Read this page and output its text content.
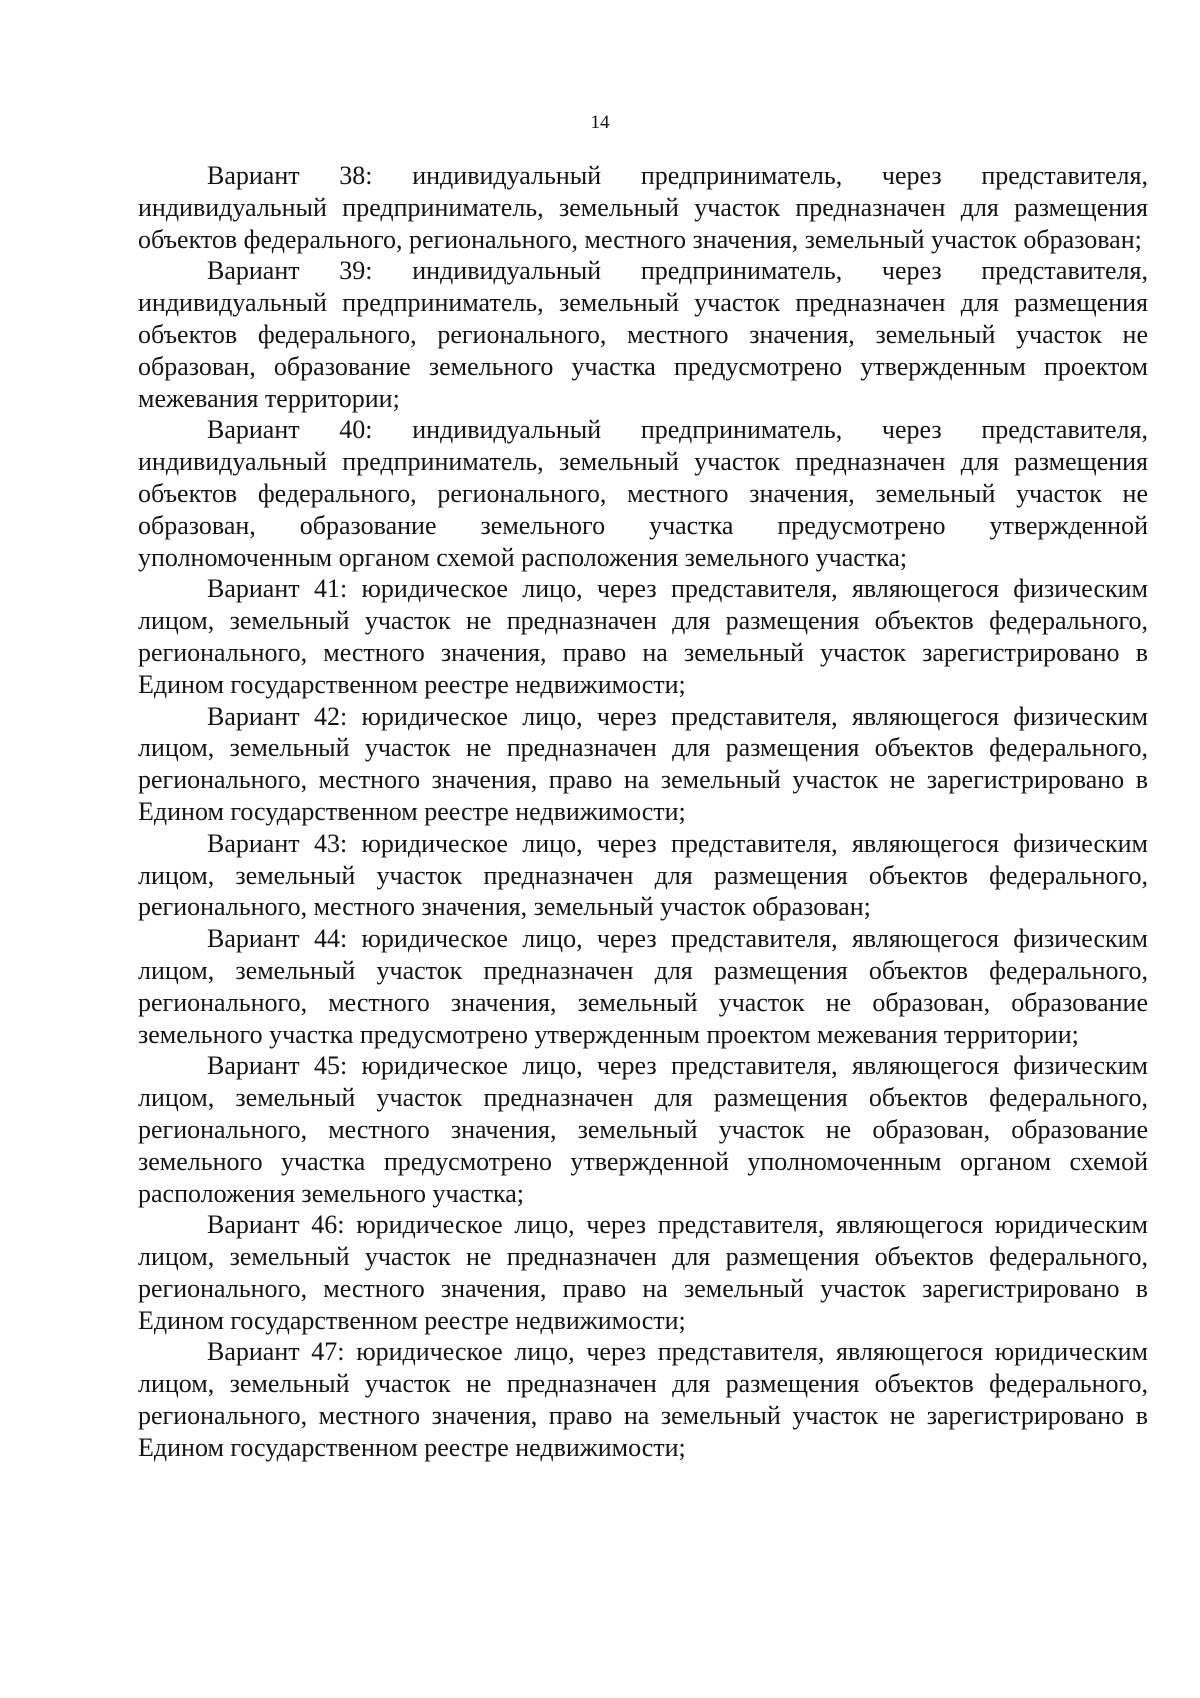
14

Вариант 38: индивидуальный предприниматель, через представителя, индивидуальный предприниматель, земельный участок предназначен для размещения объектов федерального, регионального, местного значения, земельный участок образован;

Вариант 39: индивидуальный предприниматель, через представителя, индивидуальный предприниматель, земельный участок предназначен для размещения объектов федерального, регионального, местного значения, земельный участок не образован, образование земельного участка предусмотрено утвержденным проектом межевания территории;

Вариант 40: индивидуальный предприниматель, через представителя, индивидуальный предприниматель, земельный участок предназначен для размещения объектов федерального, регионального, местного значения, земельный участок не образован, образование земельного участка предусмотрено утвержденной уполномоченным органом схемой расположения земельного участка;

Вариант 41: юридическое лицо, через представителя, являющегося физическим лицом, земельный участок не предназначен для размещения объектов федерального, регионального, местного значения, право на земельный участок зарегистрировано в Едином государственном реестре недвижимости;

Вариант 42: юридическое лицо, через представителя, являющегося физическим лицом, земельный участок не предназначен для размещения объектов федерального, регионального, местного значения, право на земельный участок не зарегистрировано в Едином государственном реестре недвижимости;

Вариант 43: юридическое лицо, через представителя, являющегося физическим лицом, земельный участок предназначен для размещения объектов федерального, регионального, местного значения, земельный участок образован;

Вариант 44: юридическое лицо, через представителя, являющегося физическим лицом, земельный участок предназначен для размещения объектов федерального, регионального, местного значения, земельный участок не образован, образование земельного участка предусмотрено утвержденным проектом межевания территории;

Вариант 45: юридическое лицо, через представителя, являющегося физическим лицом, земельный участок предназначен для размещения объектов федерального, регионального, местного значения, земельный участок не образован, образование земельного участка предусмотрено утвержденной уполномоченным органом схемой расположения земельного участка;

Вариант 46: юридическое лицо, через представителя, являющегося юридическим лицом, земельный участок не предназначен для размещения объектов федерального, регионального, местного значения, право на земельный участок зарегистрировано в Едином государственном реестре недвижимости;

Вариант 47: юридическое лицо, через представителя, являющегося юридическим лицом, земельный участок не предназначен для размещения объектов федерального, регионального, местного значения, право на земельный участок не зарегистрировано в Едином государственном реестре недвижимости;
